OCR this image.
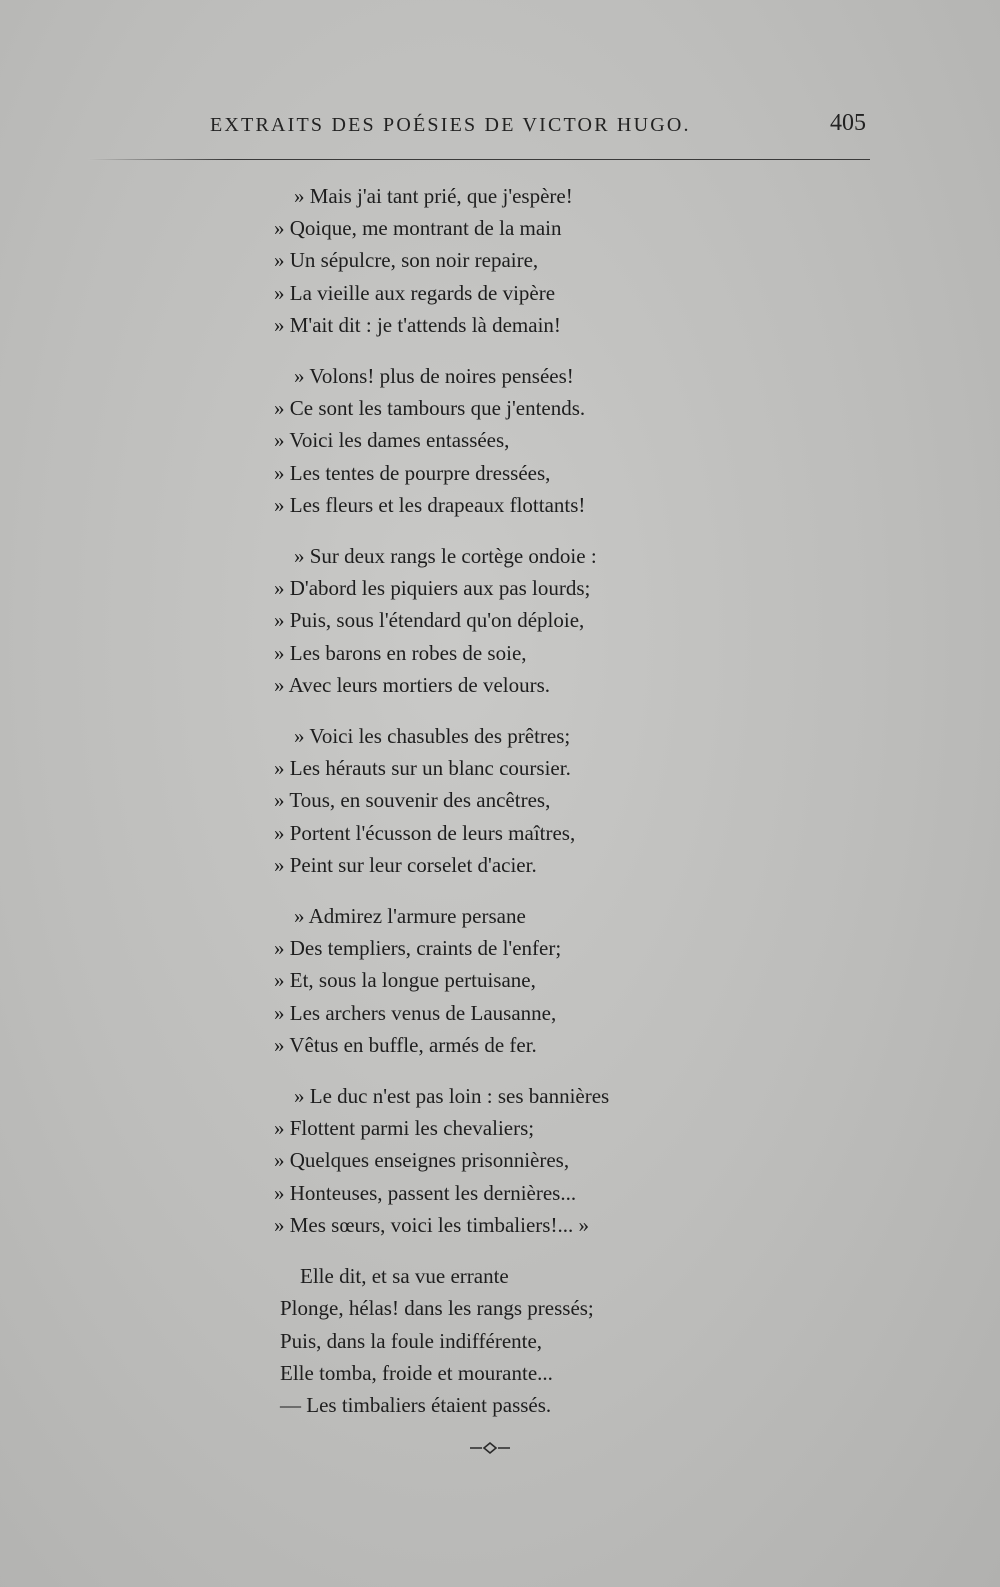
EXTRAITS DES POÉSIES DE VICTOR HUGO.	405
» Mais j'ai tant prié, que j'espère!
» Qoique, me montrant de la main
» Un sépulcre, son noir repaire,
» La vieille aux regards de vipère
» M'ait dit : je t'attends là demain!
» Volons! plus de noires pensées!
» Ce sont les tambours que j'entends.
» Voici les dames entassées,
» Les tentes de pourpre dressées,
» Les fleurs et les drapeaux flottants!
» Sur deux rangs le cortège ondoie :
» D'abord les piquiers aux pas lourds;
» Puis, sous l'étendard qu'on déploie,
» Les barons en robes de soie,
» Avec leurs mortiers de velours.
» Voici les chasubles des prêtres;
» Les hérauts sur un blanc coursier.
» Tous, en souvenir des ancêtres,
» Portent l'écusson de leurs maîtres,
» Peint sur leur corselet d'acier.
» Admirez l'armure persane
» Des templiers, craints de l'enfer;
» Et, sous la longue pertuisane,
» Les archers venus de Lausanne,
» Vêtus en buffle, armés de fer.
» Le duc n'est pas loin : ses bannières
» Flottent parmi les chevaliers;
» Quelques enseignes prisonnières,
» Honteuses, passent les dernières...
» Mes sœurs, voici les timbaliers!... »
Elle dit, et sa vue errante
Plonge, hélas! dans les rangs pressés;
Puis, dans la foule indifférente,
Elle tomba, froide et mourante...
— Les timbaliers étaient passés.
